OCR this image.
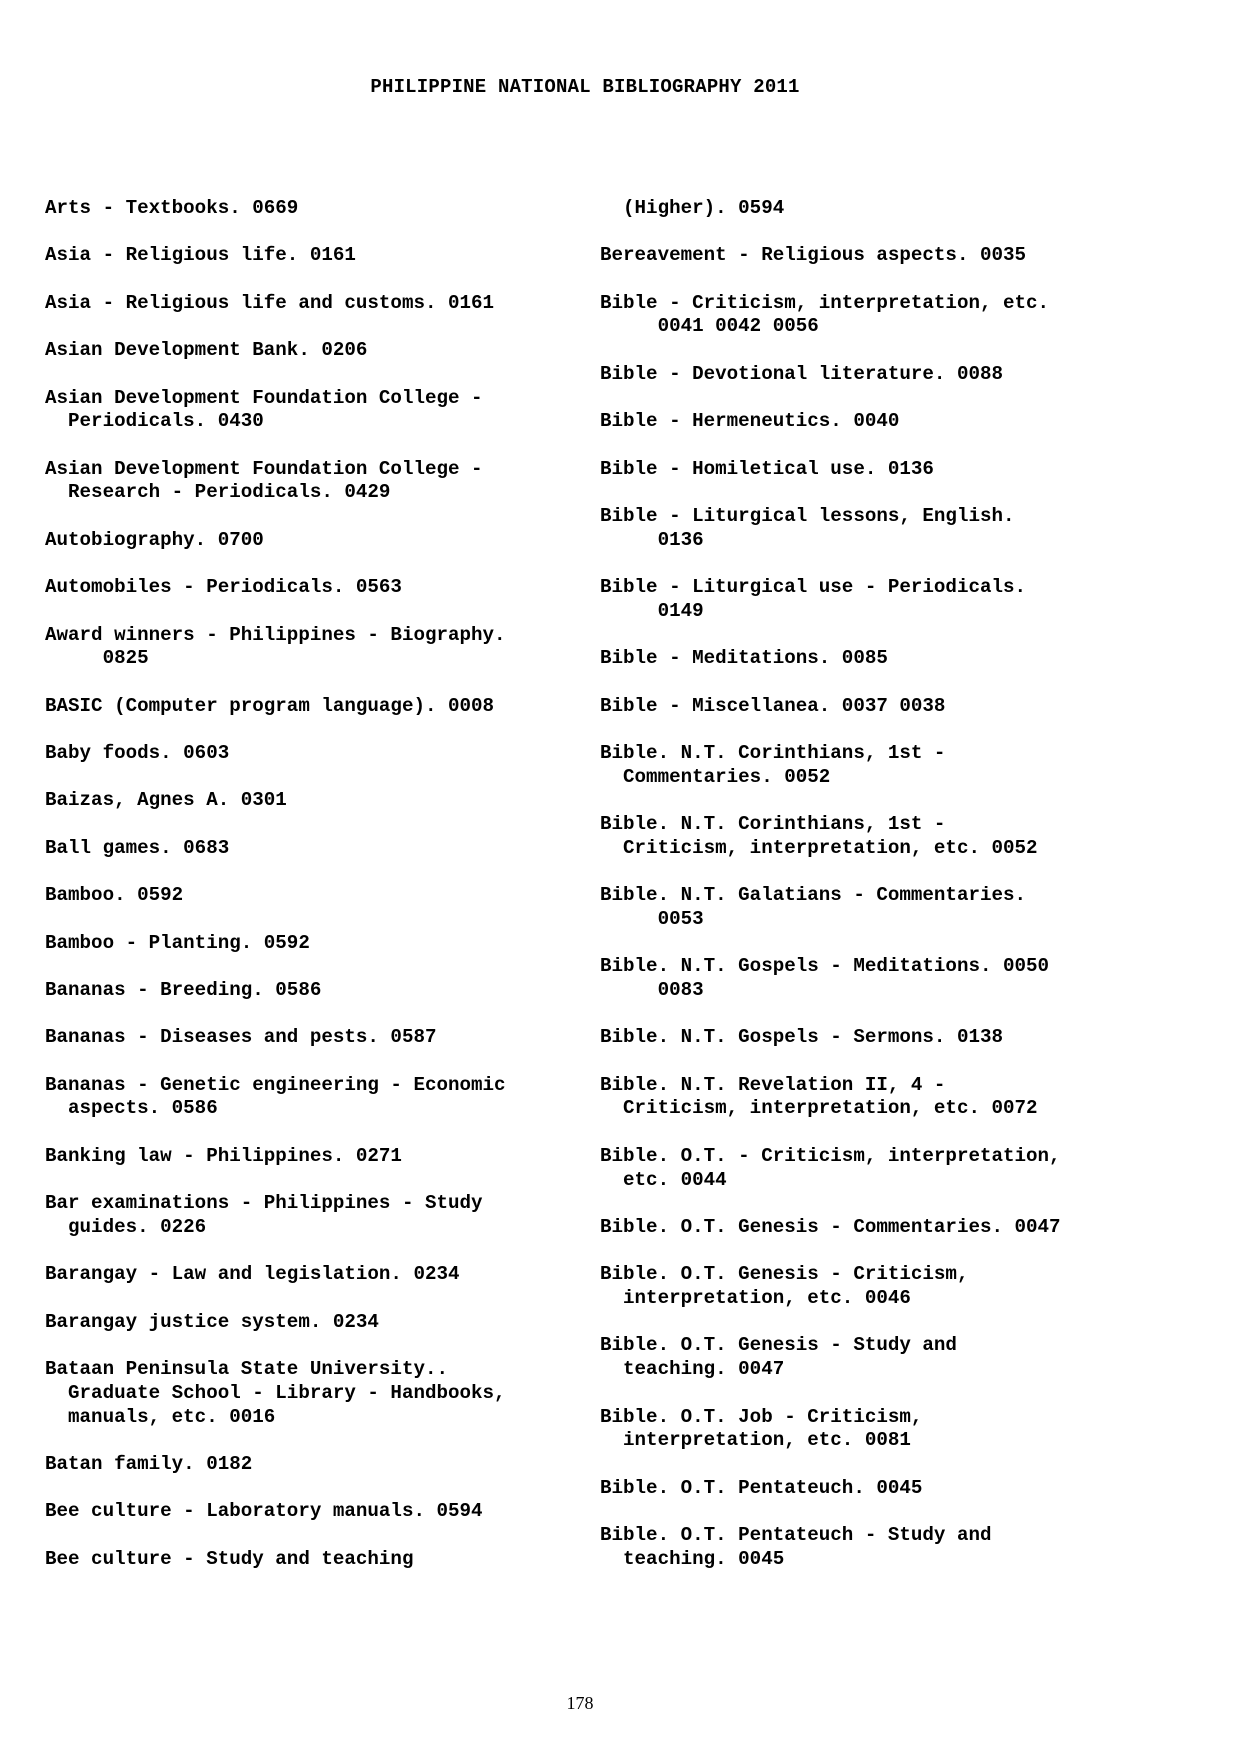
PHILIPPINE NATIONAL BIBLIOGRAPHY 2011
Arts - Textbooks. 0669
Asia - Religious life. 0161
Asia - Religious life and customs. 0161
Asian Development Bank. 0206
Asian Development Foundation College -
Periodicals. 0430
Asian Development Foundation College -
Research - Periodicals. 0429
Autobiography. 0700
Automobiles - Periodicals. 0563
Award winners - Philippines - Biography.
0825
BASIC (Computer program language). 0008
Baby foods. 0603
Baizas, Agnes A. 0301
Ball games. 0683
Bamboo. 0592
Bamboo - Planting. 0592
Bananas - Breeding. 0586
Bananas - Diseases and pests. 0587
Bananas - Genetic engineering - Economic
aspects. 0586
Banking law - Philippines. 0271
Bar examinations - Philippines - Study
guides. 0226
Barangay - Law and legislation. 0234
Barangay justice system. 0234
Bataan Peninsula State University..
Graduate School - Library - Handbooks,
manuals, etc. 0016
Batan family. 0182
Bee culture - Laboratory manuals. 0594
Bee culture - Study and teaching
(Higher). 0594
Bereavement - Religious aspects. 0035
Bible - Criticism, interpretation, etc.
0041 0042 0056
Bible - Devotional literature. 0088
Bible - Hermeneutics. 0040
Bible - Homiletical use. 0136
Bible - Liturgical lessons, English.
0136
Bible - Liturgical use - Periodicals.
0149
Bible - Meditations. 0085
Bible - Miscellanea. 0037 0038
Bible. N.T. Corinthians, 1st -
Commentaries. 0052
Bible. N.T. Corinthians, 1st -
Criticism, interpretation, etc. 0052
Bible. N.T. Galatians - Commentaries.
0053
Bible. N.T. Gospels - Meditations. 0050
0083
Bible. N.T. Gospels - Sermons. 0138
Bible. N.T. Revelation II, 4 -
Criticism, interpretation, etc. 0072
Bible. O.T. - Criticism, interpretation,
etc. 0044
Bible. O.T. Genesis - Commentaries. 0047
Bible. O.T. Genesis - Criticism,
interpretation, etc. 0046
Bible. O.T. Genesis - Study and
teaching. 0047
Bible. O.T. Job - Criticism,
interpretation, etc. 0081
Bible. O.T. Pentateuch. 0045
Bible. O.T. Pentateuch - Study and
teaching. 0045
178
